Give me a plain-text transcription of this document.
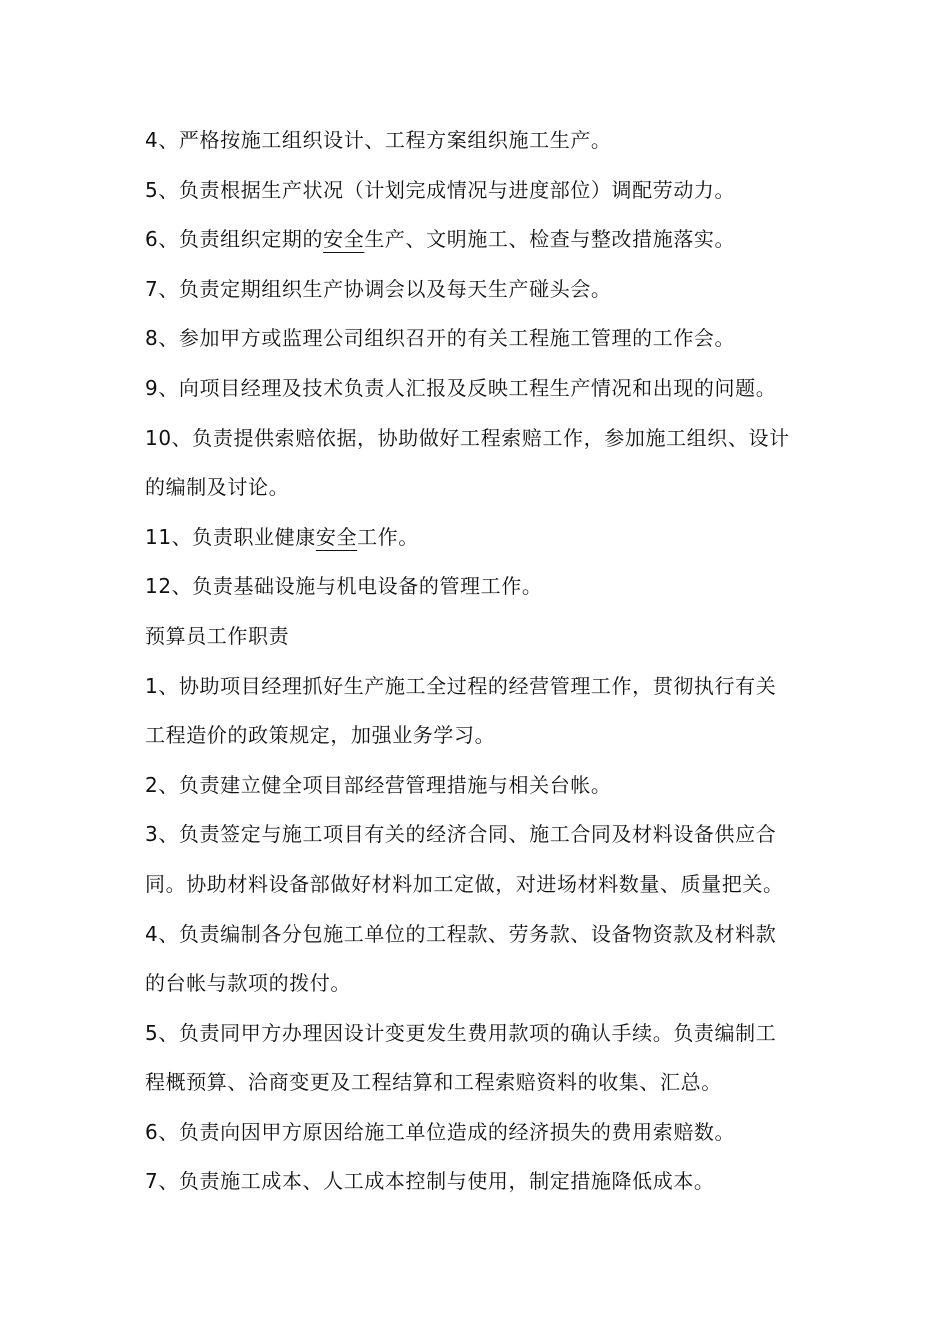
4、严格按施工组织设计、工程方案组织施工生产。
5、负责根据生产状况（计划完成情况与进度部位）调配劳动力。
6、负责组织定期的安全生产、文明施工、检查与整改措施落实。
7、负责定期组织生产协调会以及每天生产碰头会。
8、参加甲方或监理公司组织召开的有关工程施工管理的工作会。
9、向项目经理及技术负责人汇报及反映工程生产情况和出现的问题。
10、负责提供索赔依据，协助做好工程索赔工作，参加施工组织、设计
的编制及讨论。
11、负责职业健康安全工作。
12、负责基础设施与机电设备的管理工作。
预算员工作职责
1、协助项目经理抓好生产施工全过程的经营管理工作，贯彻执行有关
工程造价的政策规定，加强业务学习。
2、负责建立健全项目部经营管理措施与相关台帐。
3、负责签定与施工项目有关的经济合同、施工合同及材料设备供应合
同。协助材料设备部做好材料加工定做，对进场材料数量、质量把关。
4、负责编制各分包施工单位的工程款、劳务款、设备物资款及材料款
的台帐与款项的拨付。
5、负责同甲方办理因设计变更发生费用款项的确认手续。负责编制工
程概预算、洽商变更及工程结算和工程索赔资料的收集、汇总。
6、负责向因甲方原因给施工单位造成的经济损失的费用索赔数。
7、负责施工成本、人工成本控制与使用，制定措施降低成本。
